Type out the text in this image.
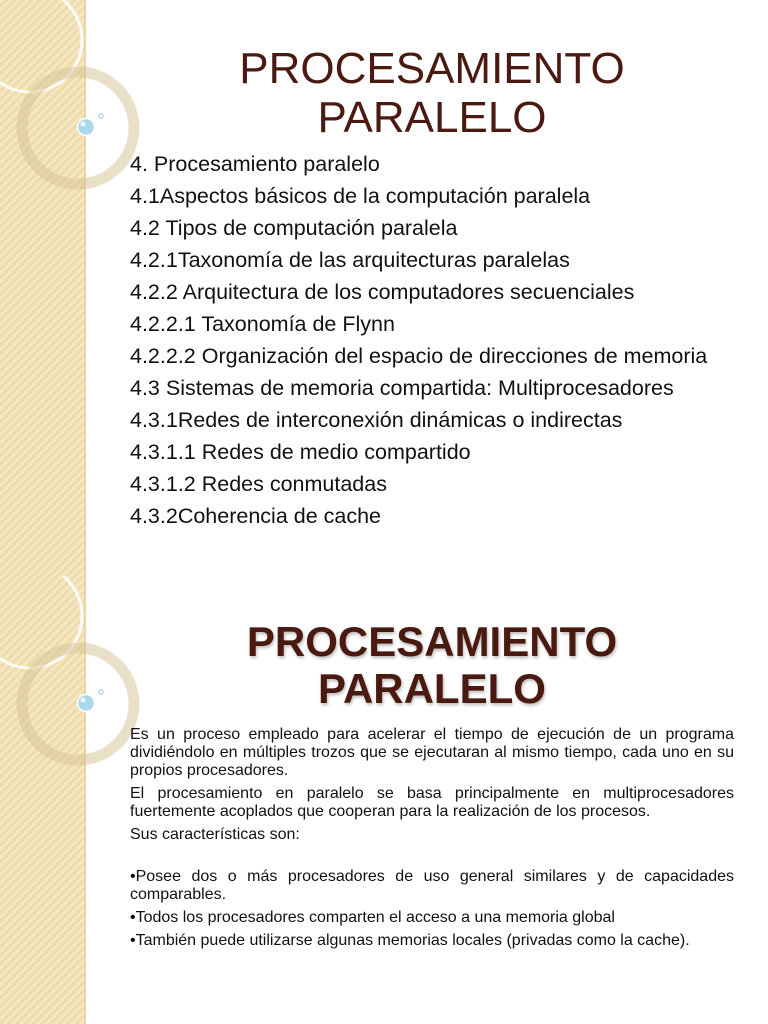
PROCESAMIENTO
PARALELO
4. Procesamiento paralelo
4.1Aspectos básicos de la computación paralela
4.2 Tipos de computación paralela
4.2.1Taxonomía de las arquitecturas paralelas
4.2.2 Arquitectura de los computadores secuenciales
4.2.2.1 Taxonomía de Flynn
4.2.2.2 Organización del espacio de direcciones de memoria
4.3 Sistemas de memoria compartida: Multiprocesadores
4.3.1Redes de interconexión dinámicas o indirectas
4.3.1.1 Redes de medio compartido
4.3.1.2 Redes conmutadas
4.3.2Coherencia de cache
PROCESAMIENTO
PARALELO

Es un proceso empleado para acelerar el tiempo de ejecución de un programa dividiéndolo en múltiples trozos que se ejecutaran al mismo tiempo, cada uno en su propios procesadores.

El procesamiento en paralelo se basa principalmente en multiprocesadores fuertemente acoplados que cooperan para la realización de los procesos.

Sus características son:

•Posee dos o más procesadores de uso general similares y de capacidades comparables.

•Todos los procesadores comparten el acceso a una memoria global

•También puede utilizarse algunas memorias locales (privadas como la cache).
